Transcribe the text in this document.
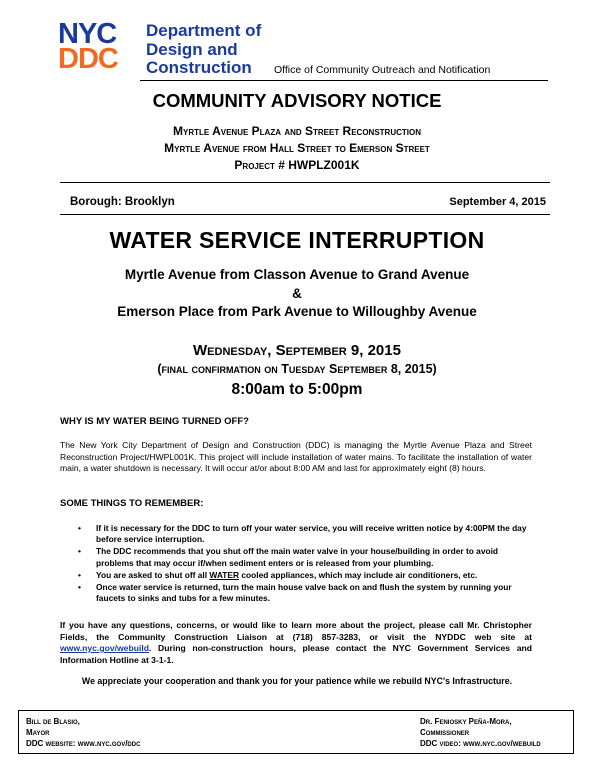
NYC
DDC
Department of
Design and
Construction	Office of Community Outreach and Notification
COMMUNITY ADVISORY NOTICE
Myrtle Avenue Plaza and Street Reconstruction
Myrtle Avenue from Hall Street to Emerson Street
Project # HWPLZ001K
Borough: Brooklyn	September 4, 2015
WATER SERVICE INTERRUPTION
Myrtle Avenue from Classon Avenue to Grand Avenue
&
Emerson Place from Park Avenue to Willoughby Avenue
Wednesday, September 9, 2015
(final confirmation on Tuesday September 8, 2015)
8:00am to 5:00pm
WHY IS MY WATER BEING TURNED OFF?
The New York City Department of Design and Construction (DDC) is managing the Myrtle Avenue Plaza and Street Reconstruction Project/HWPL001K. This project will include installation of water mains. To facilitate the installation of water main, a water shutdown is necessary. It will occur at/or about 8:00 AM and last for approximately eight (8) hours.
SOME THINGS TO REMEMBER:
• If it is necessary for the DDC to turn off your water service, you will receive written notice by 4:00PM the day before service interruption.
• The DDC recommends that you shut off the main water valve in your house/building in order to avoid problems that may occur if/when sediment enters or is released from your plumbing.
• You are asked to shut off all WATER cooled appliances, which may include air conditioners, etc.
• Once water service is returned, turn the main house valve back on and flush the system by running your faucets to sinks and tubs for a few minutes.
If you have any questions, concerns, or would like to learn more about the project, please call Mr. Christopher Fields, the Community Construction Liaison at (718) 857-3283, or visit the NYDDC web site at www.nyc.gov/webuild. During non-construction hours, please contact the NYC Government Services and Information Hotline at 3-1-1.
We appreciate your cooperation and thank you for your patience while we rebuild NYC's Infrastructure.
Bill de Blasio,
Mayor
DDC website: www.nyc.gov/ddc
Dr. Feniosky Peña-Mora,
Commissioner
DDC video: www.nyc.gov/webuild
